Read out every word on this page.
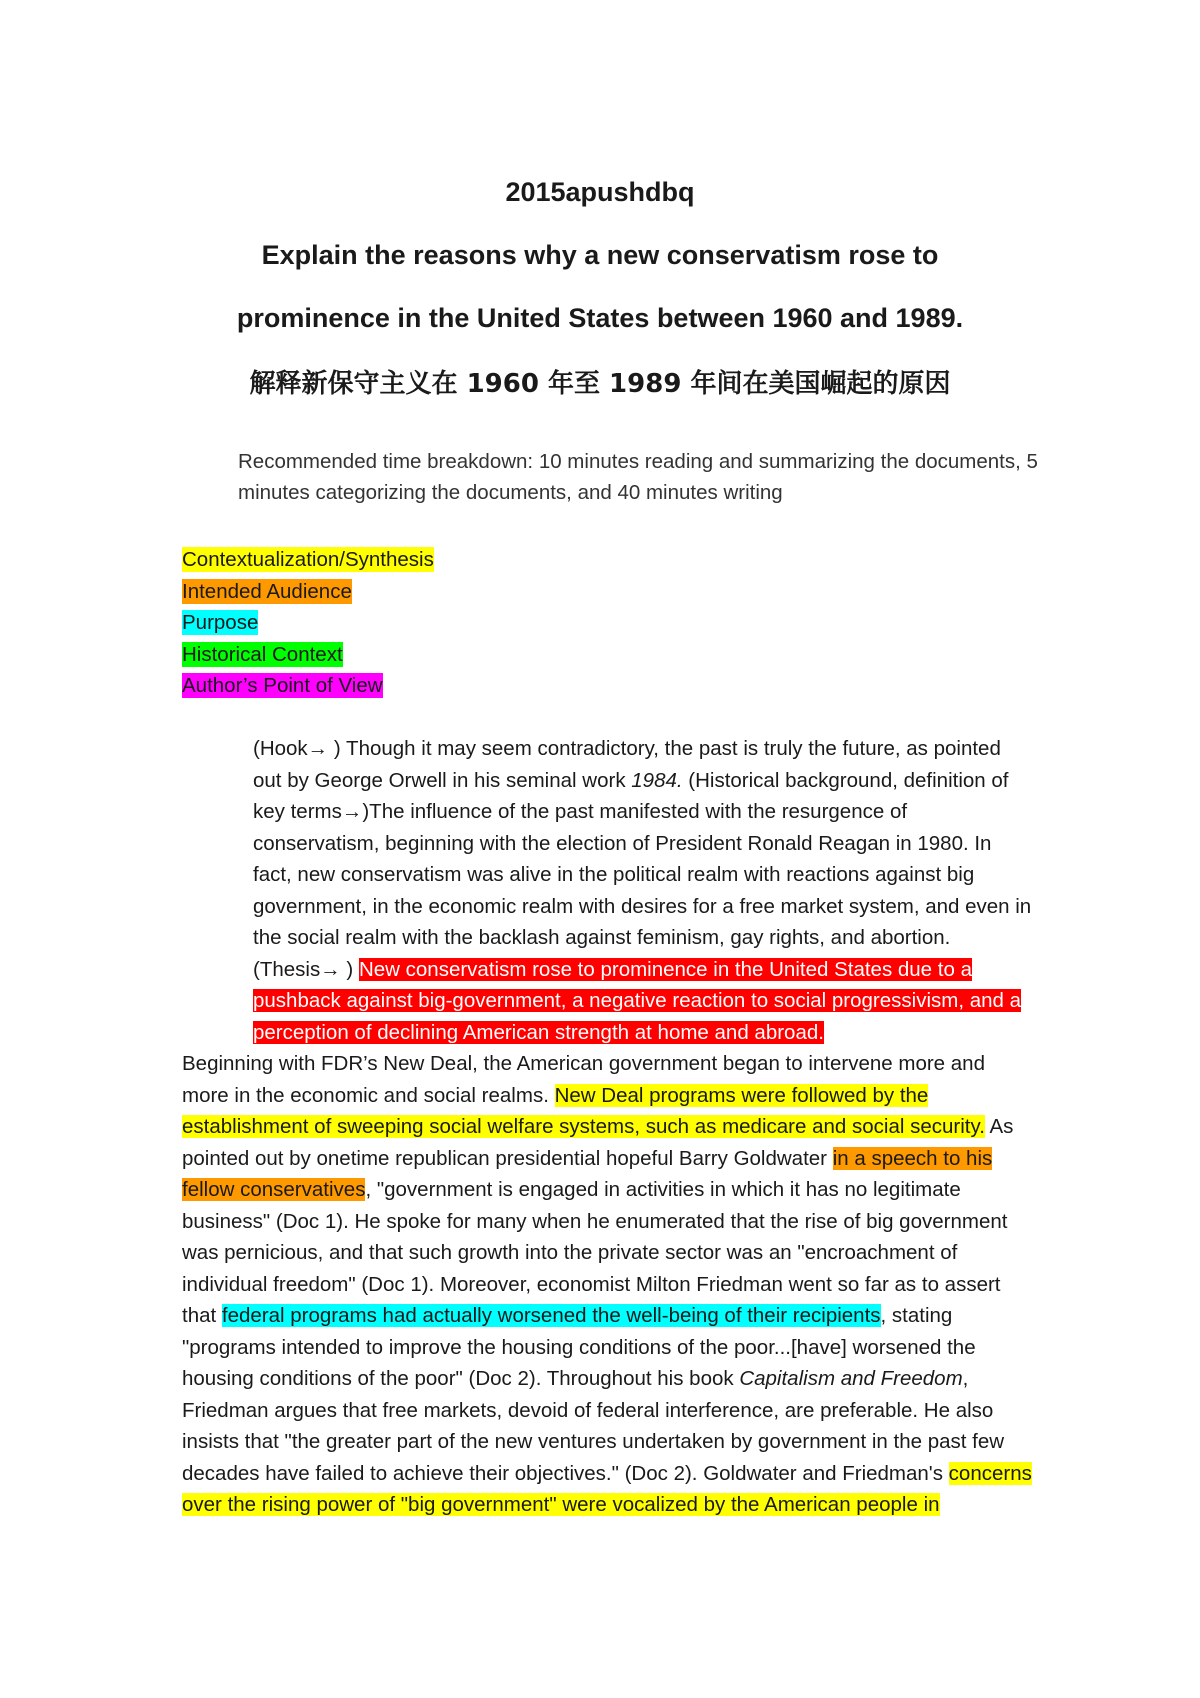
2015apushdbq
Explain the reasons why a new conservatism rose to
prominence in the United States between 1960 and 1989.
解释新保守主义在 1960 年至 1989 年间在美国崛起的原因
Recommended time breakdown: 10 minutes reading and summarizing the documents, 5 minutes categorizing the documents, and 40 minutes writing
Contextualization/Synthesis
Intended Audience
Purpose
Historical Context
Author’s Point of View

(Hook→ ) Though it may seem contradictory, the past is truly the future, as pointed out by George Orwell in his seminal work 1984. (Historical background, definition of key terms→)The influence of the past manifested with the resurgence of conservatism, beginning with the election of President Ronald Reagan in 1980. In fact, new conservatism was alive in the political realm with reactions against big government, in the economic realm with desires for a free market system, and even in the social realm with the backlash against feminism, gay rights, and abortion. (Thesis→ ) New conservatism rose to prominence in the United States due to a pushback against big-government, a negative reaction to social progressivism, and a perception of declining American strength at home and abroad.

Beginning with FDR’s New Deal, the American government began to intervene more and more in the economic and social realms. New Deal programs were followed by the establishment of sweeping social welfare systems, such as medicare and social security. As pointed out by onetime republican presidential hopeful Barry Goldwater in a speech to his fellow conservatives, "government is engaged in activities in which it has no legitimate business" (Doc 1). He spoke for many when he enumerated that the rise of big government was pernicious, and that such growth into the private sector was an "encroachment of individual freedom" (Doc 1). Moreover, economist Milton Friedman went so far as to assert that federal programs had actually worsened the well-being of their recipients, stating "programs intended to improve the housing conditions of the poor...[have] worsened the housing conditions of the poor" (Doc 2). Throughout his book Capitalism and Freedom, Friedman argues that free markets, devoid of federal interference, are preferable. He also insists that "the greater part of the new ventures undertaken by government in the past few decades have failed to achieve their objectives." (Doc 2). Goldwater and Friedman's concerns over the rising power of "big government" were vocalized by the American people in
